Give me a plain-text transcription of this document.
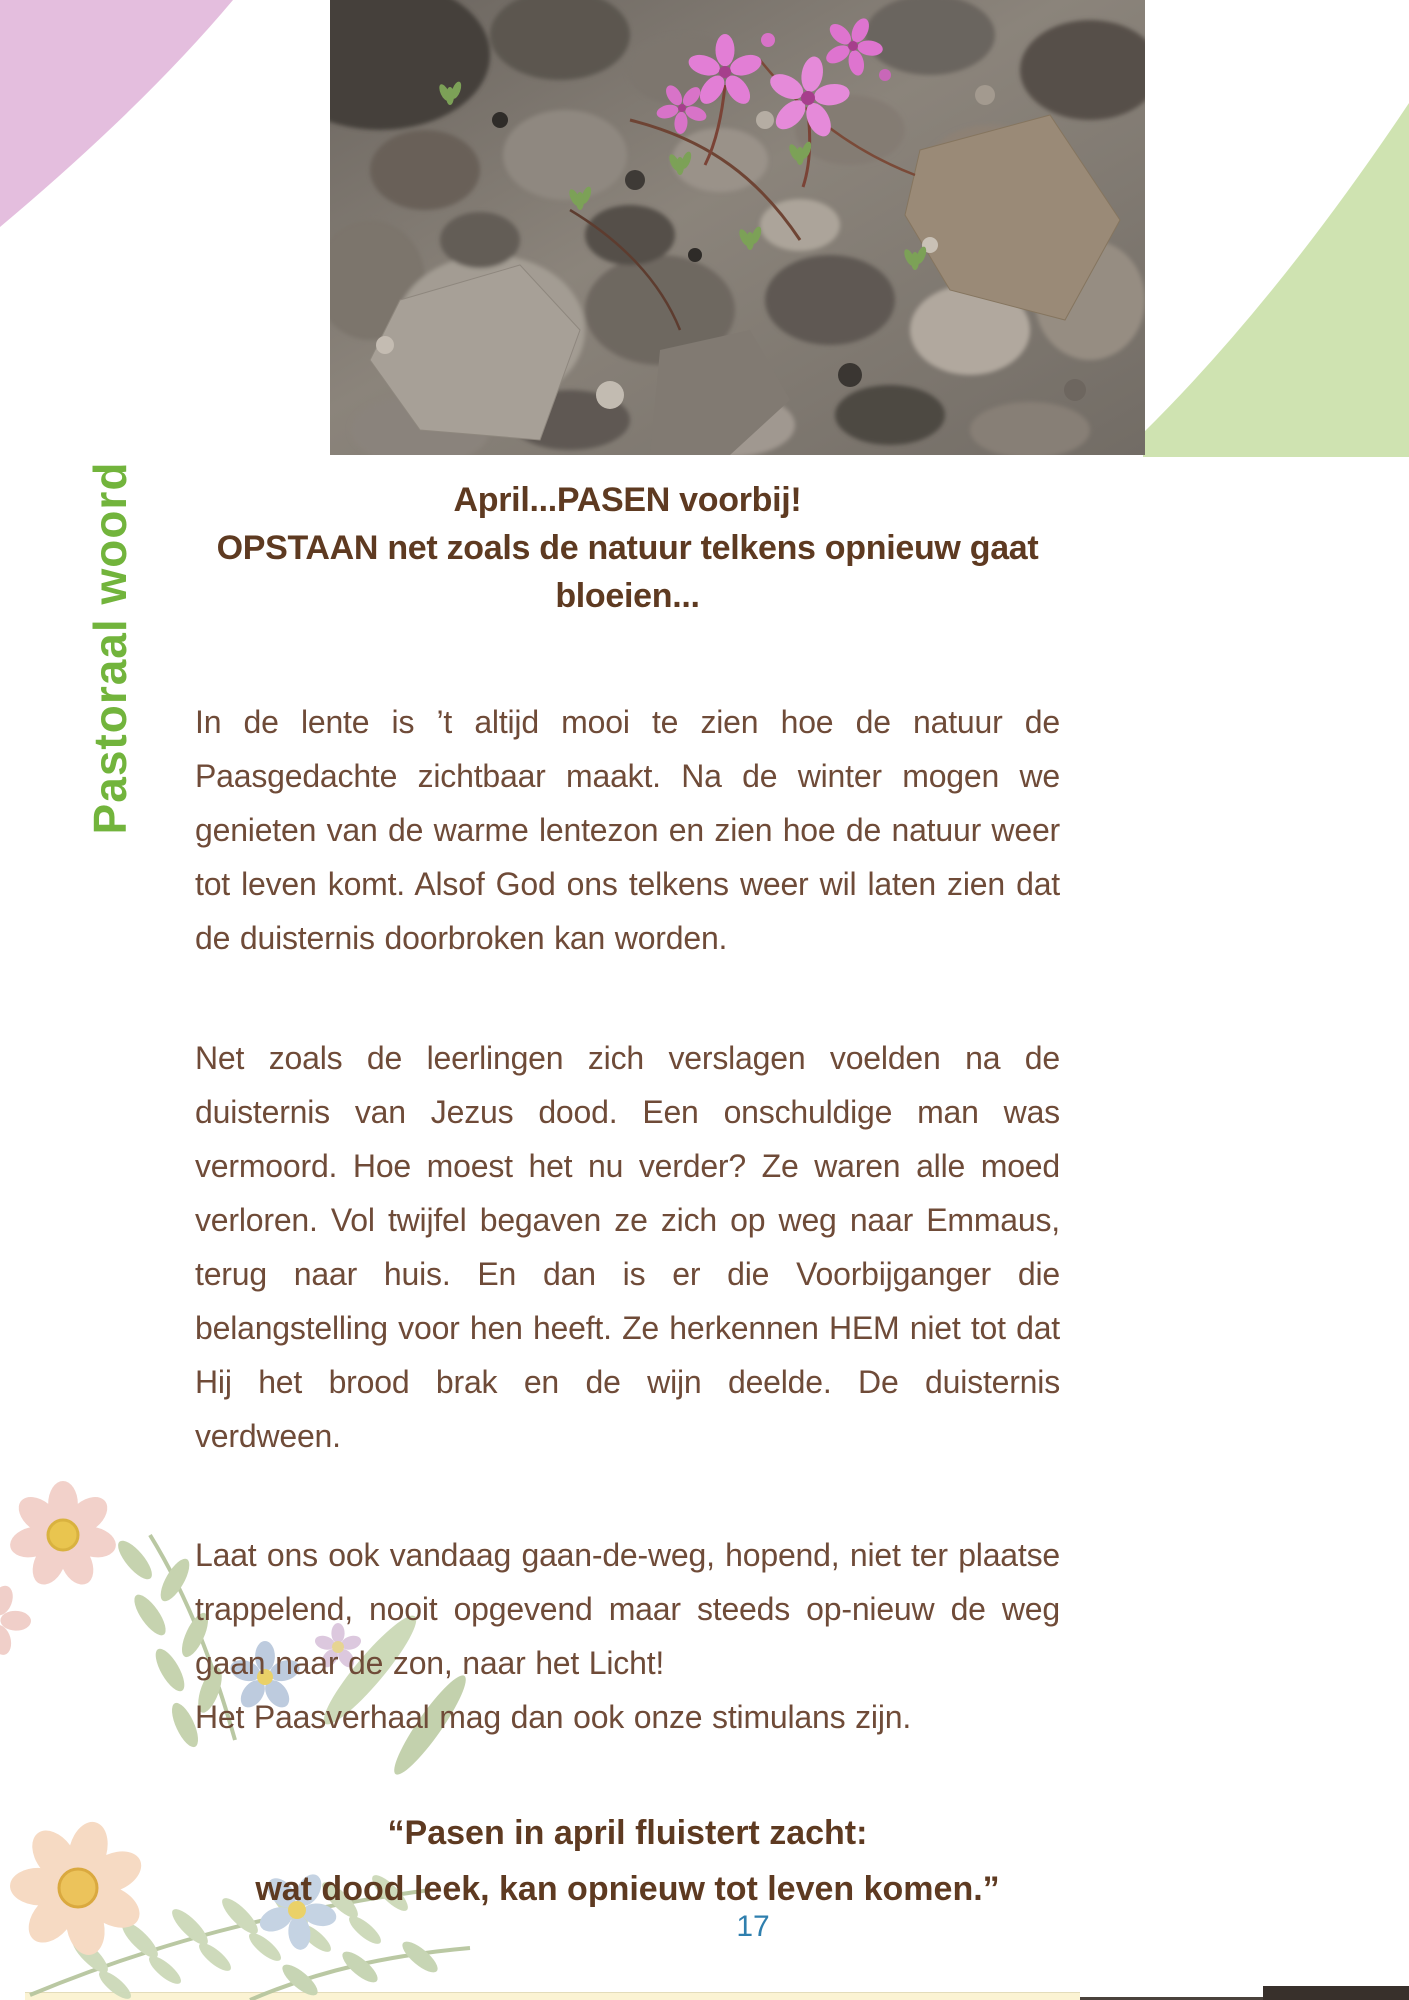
Pastoraal woord	April...PASEN voorbij!
OPSTAAN net zoals de natuur telkens opnieuw gaat
bloeien...

In de lente is ’t altijd mooi te zien hoe de natuur de Paasgedachte zichtbaar maakt. Na de winter mogen we genieten van de warme lentezon en zien hoe de natuur weer tot leven komt. Alsof God ons telkens weer wil laten zien dat de duisternis doorbroken kan worden.

Net zoals de leerlingen zich verslagen voelden na de duisternis van Jezus dood. Een onschuldige man was vermoord. Hoe moest het nu verder? Ze waren alle moed verloren. Vol twijfel begaven ze zich op weg naar Emmaus, terug naar huis. En dan is er die Voorbijganger die belangstelling voor hen heeft. Ze herkennen HEM niet tot dat Hij het brood brak en de wijn deelde. De duisternis verdween.

Laat ons ook vandaag gaan-de-weg, hopend, niet ter plaatse trappelend, nooit opgevend maar steeds op-nieuw de weg gaan naar de zon, naar het Licht!

Het Paasverhaal mag dan ook onze stimulans zijn.

“Pasen in april fluistert zacht:
wat dood leek, kan opnieuw tot leven komen.”
17
